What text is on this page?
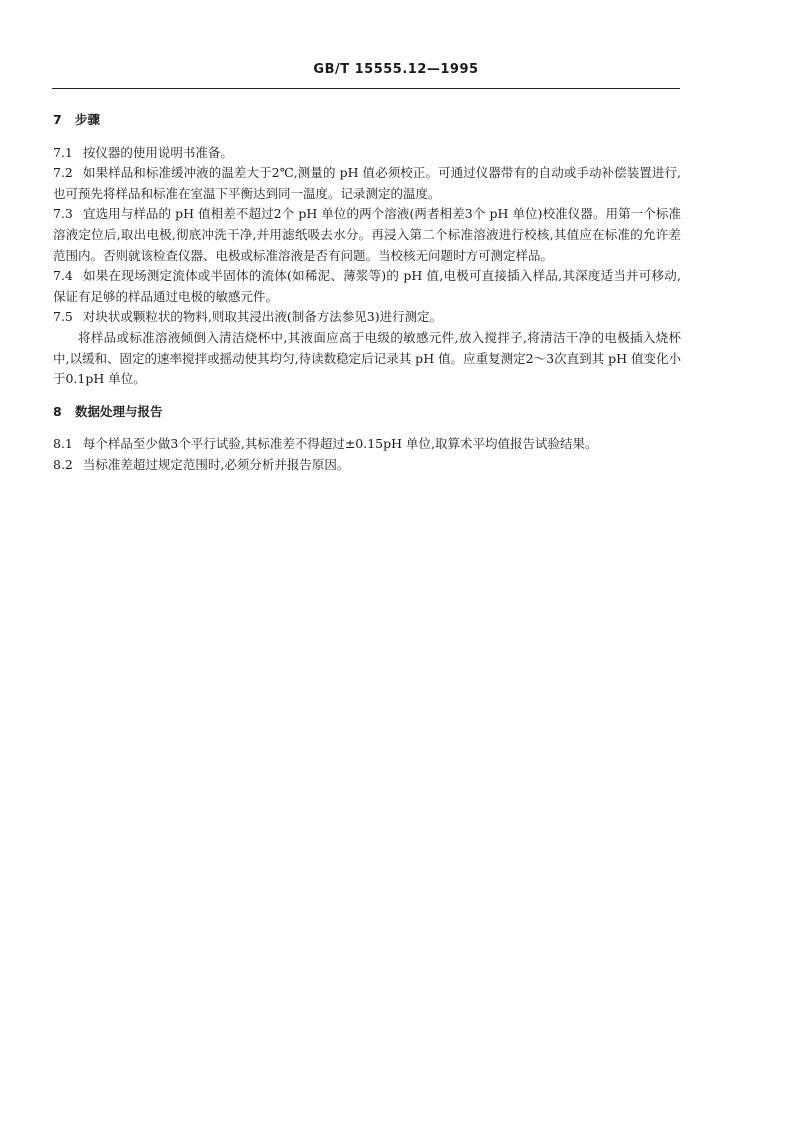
GB/T 15555.12—1995
7 步骤
7.1 按仪器的使用说明书准备。
7.2 如果样品和标准缓冲液的温差大于2℃,测量的 pH 值必须校正。可通过仪器带有的自动或手动补偿装置进行,也可预先将样品和标准在室温下平衡达到同一温度。记录测定的温度。
7.3 宜选用与样品的 pH 值相差不超过2个 pH 单位的两个溶液(两者相差3个 pH 单位)校准仪器。用第一个标准溶液定位后,取出电极,彻底冲洗干净,并用滤纸吸去水分。再浸入第二个标准溶液进行校核,其值应在标准的允许差范围内。否则就该检查仪器、电极或标准溶液是否有问题。当校核无问题时方可测定样品。
7.4 如果在现场测定流体或半固体的流体(如稀泥、薄浆等)的 pH 值,电极可直接插入样品,其深度适当并可移动,保证有足够的样品通过电极的敏感元件。
7.5 对块状或颗粒状的物料,则取其浸出液(制备方法参见3)进行测定。
将样品或标准溶液倾倒入清洁烧杯中,其液面应高于电级的敏感元件,放入搅拌子,将清洁干净的电极插入烧杯中,以缓和、固定的速率搅拌或摇动使其均匀,待读数稳定后记录其 pH 值。应重复测定2～3次直到其 pH 值变化小于0.1pH 单位。
8 数据处理与报告
8.1 每个样品至少做3个平行试验,其标准差不得超过±0.15pH 单位,取算术平均值报告试验结果。
8.2 当标准差超过规定范围时,必须分析并报告原因。
